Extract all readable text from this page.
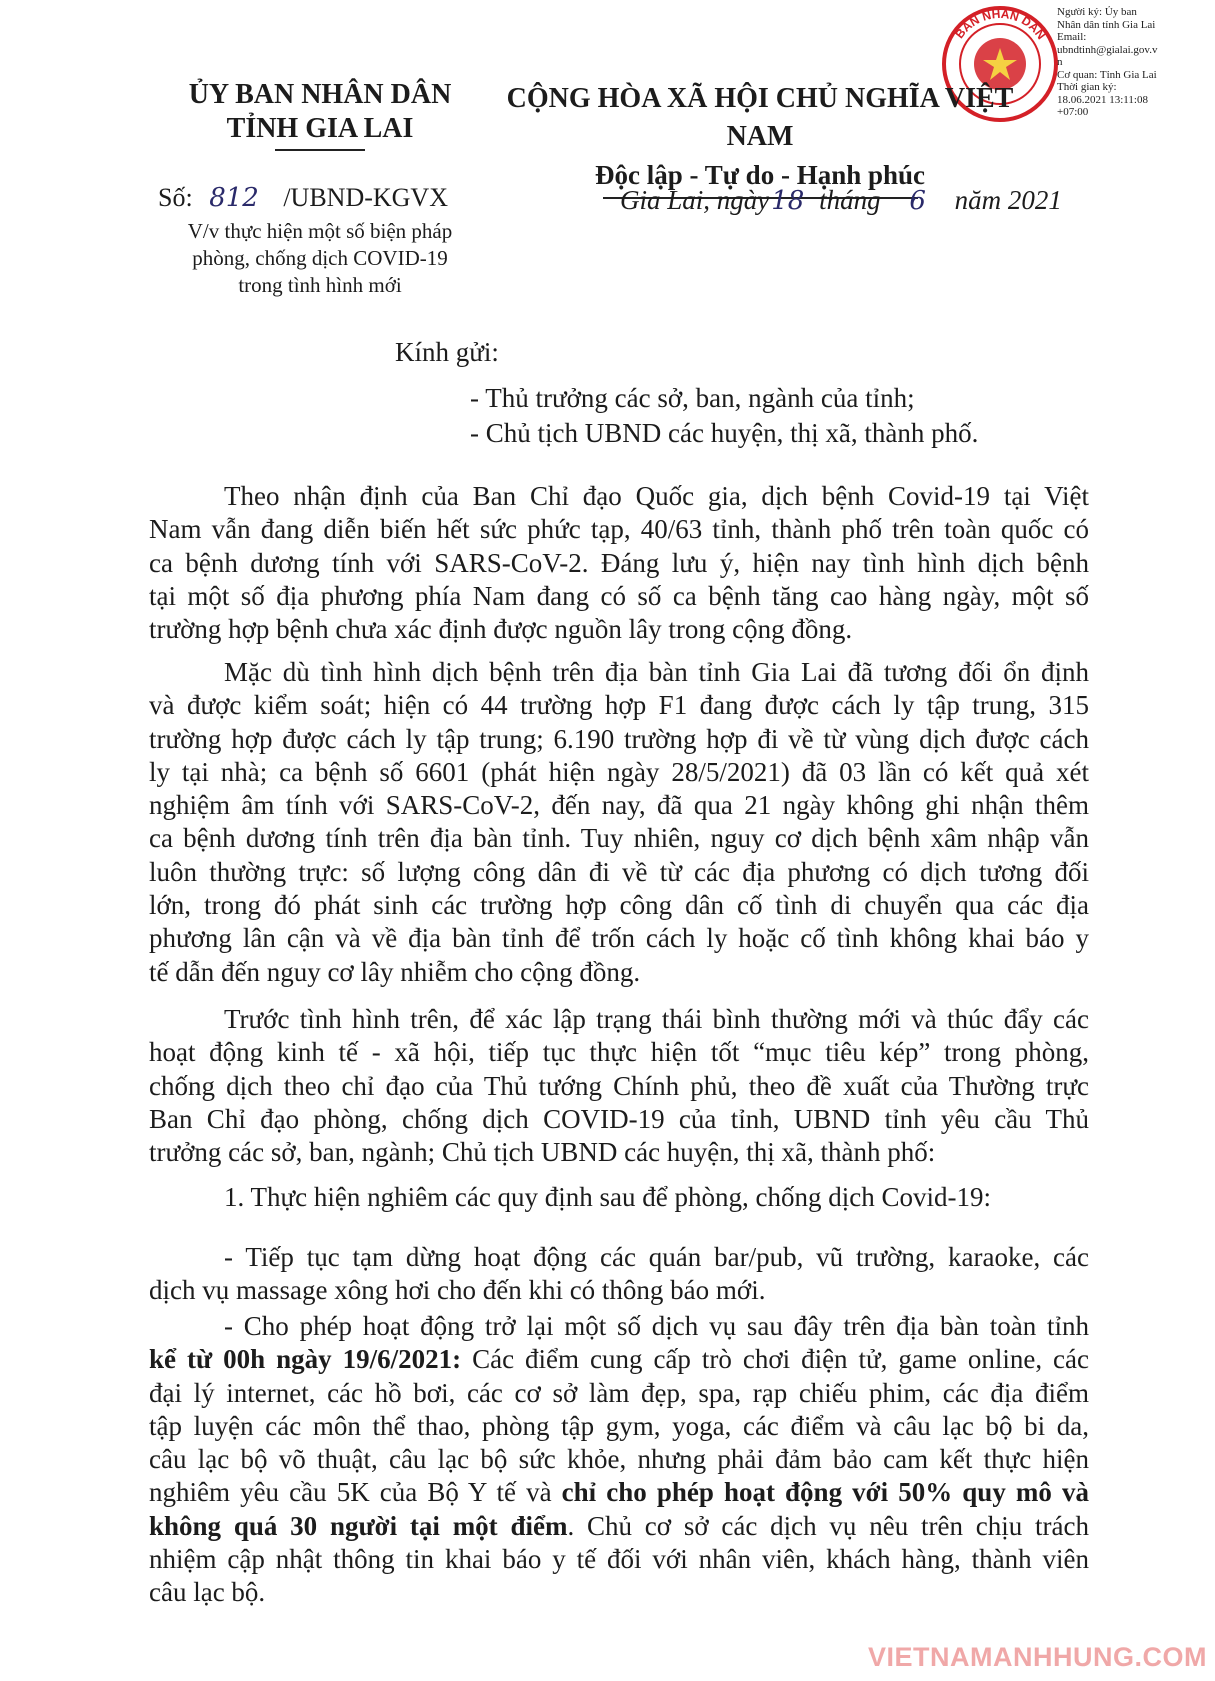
BAN NHÂN DÂN
Người ký: Ủy ban
Nhân dân tỉnh Gia Lai
Email:
ubndtinh@gialai.gov.v
n
Cơ quan: Tỉnh Gia Lai
Thời gian ký:
18.06.2021 13:11:08
+07:00
ỦY BAN NHÂN DÂN
TỈNH GIA LAI
CỘNG HÒA XÃ HỘI CHỦ NGHĨA VIỆT NAM
Độc lập - Tự do - Hạnh phúc
Số: 812 /UBND-KGVX
V/v thực hiện một số biện pháp
phòng, chống dịch COVID-19
trong tình hình mới
Gia Lai, ngày18 tháng 6 năm 2021
Kính gửi:
- Thủ trưởng các sở, ban, ngành của tỉnh;
- Chủ tịch UBND các huyện, thị xã, thành phố.
Theo nhận định của Ban Chỉ đạo Quốc gia, dịch bệnh Covid-19 tại Việt
Nam vẫn đang diễn biến hết sức phức tạp, 40/63 tỉnh, thành phố trên toàn quốc có
ca bệnh dương tính với SARS-CoV-2. Đáng lưu ý, hiện nay tình hình dịch bệnh
tại một số địa phương phía Nam đang có số ca bệnh tăng cao hàng ngày, một số
trường hợp bệnh chưa xác định được nguồn lây trong cộng đồng.
Mặc dù tình hình dịch bệnh trên địa bàn tỉnh Gia Lai đã tương đối ổn định
và được kiểm soát; hiện có 44 trường hợp F1 đang được cách ly tập trung, 315
trường hợp được cách ly tập trung; 6.190 trường hợp đi về từ vùng dịch được cách
ly tại nhà; ca bệnh số 6601 (phát hiện ngày 28/5/2021) đã 03 lần có kết quả xét
nghiệm âm tính với SARS-CoV-2, đến nay, đã qua 21 ngày không ghi nhận thêm
ca bệnh dương tính trên địa bàn tỉnh. Tuy nhiên, nguy cơ dịch bệnh xâm nhập vẫn
luôn thường trực: số lượng công dân đi về từ các địa phương có dịch tương đối
lớn, trong đó phát sinh các trường hợp công dân cố tình di chuyển qua các địa
phương lân cận và về địa bàn tỉnh để trốn cách ly hoặc cố tình không khai báo y
tế dẫn đến nguy cơ lây nhiễm cho cộng đồng.
Trước tình hình trên, để xác lập trạng thái bình thường mới và thúc đẩy các
hoạt động kinh tế - xã hội, tiếp tục thực hiện tốt “mục tiêu kép” trong phòng,
chống dịch theo chỉ đạo của Thủ tướng Chính phủ, theo đề xuất của Thường trực
Ban Chỉ đạo phòng, chống dịch COVID-19 của tỉnh, UBND tỉnh yêu cầu Thủ
trưởng các sở, ban, ngành; Chủ tịch UBND các huyện, thị xã, thành phố:
1. Thực hiện nghiêm các quy định sau để phòng, chống dịch Covid-19:
- Tiếp tục tạm dừng hoạt động các quán bar/pub, vũ trường, karaoke, các
dịch vụ massage xông hơi cho đến khi có thông báo mới.
- Cho phép hoạt động trở lại một số dịch vụ sau đây trên địa bàn toàn tỉnh
kể từ 00h ngày 19/6/2021: Các điểm cung cấp trò chơi điện tử, game online, các
đại lý internet, các hồ bơi, các cơ sở làm đẹp, spa, rạp chiếu phim, các địa điểm
tập luyện các môn thể thao, phòng tập gym, yoga, các điểm và câu lạc bộ bi da,
câu lạc bộ võ thuật, câu lạc bộ sức khỏe, nhưng phải đảm bảo cam kết thực hiện
nghiêm yêu cầu 5K của Bộ Y tế và chỉ cho phép hoạt động với 50% quy mô và
không quá 30 người tại một điểm. Chủ cơ sở các dịch vụ nêu trên chịu trách
nhiệm cập nhật thông tin khai báo y tế đối với nhân viên, khách hàng, thành viên
câu lạc bộ.
VIETNAMANHHUNG.COM
